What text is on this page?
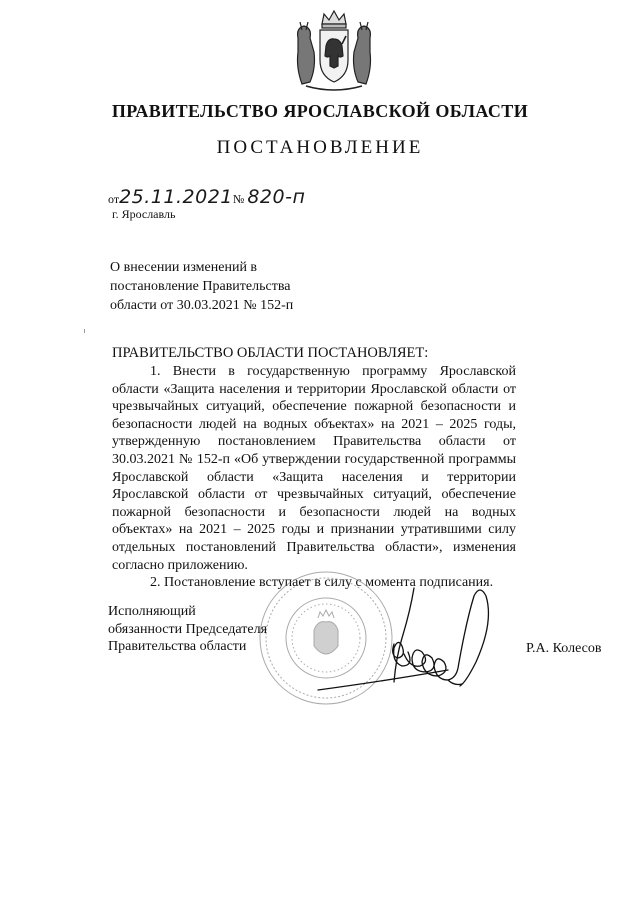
ПРАВИТЕЛЬСТВО ЯРОСЛАВСКОЙ ОБЛАСТИ
ПОСТАНОВЛЕНИЕ
от25.11.2021№ 820-п
г. Ярославль
О внесении изменений в
постановление Правительства
области от 30.03.2021 № 152-п
ПРАВИТЕЛЬСТВО ОБЛАСТИ ПОСТАНОВЛЯЕТ:

1. Внести в государственную программу Ярославской области «Защита населения и территории Ярославской области от чрезвычайных ситуаций, обеспечение пожарной безопасности и безопасности людей на водных объектах» на 2021 – 2025 годы, утвержденную постановлением Правительства области от 30.03.2021 № 152-п «Об утверждении государственной программы Ярославской области «Защита населения и территории Ярославской области от чрезвычайных ситуаций, обеспечение пожарной безопасности и безопасности людей на водных объектах» на 2021 – 2025 годы и признании утратившими силу отдельных постановлений Правительства области», изменения согласно приложению.

2. Постановление вступает в силу с момента подписания.

Исполняющий
обязанности Председателя
Правительства области	Р.А. Колесов
